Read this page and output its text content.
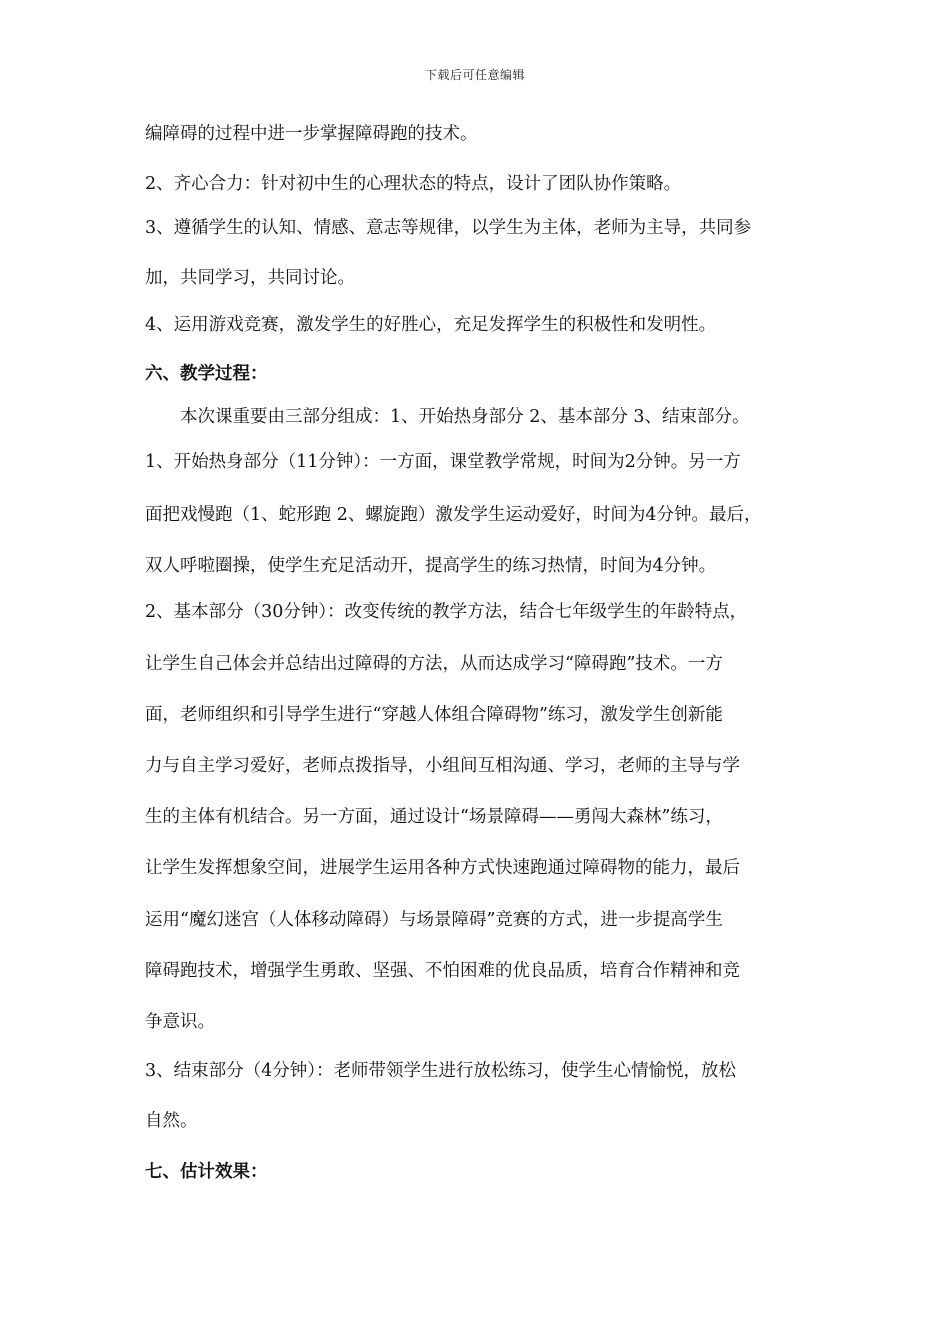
下载后可任意编辑
编障碍的过程中进一步掌握障碍跑的技术。
2、齐心合力：针对初中生的心理状态的特点，设计了团队协作策略。
3、遵循学生的认知、情感、意志等规律，以学生为主体，老师为主导，共同参
加，共同学习，共同讨论。
4、运用游戏竞赛，激发学生的好胜心，充足发挥学生的积极性和发明性。
六、教学过程：
本次课重要由三部分组成：1、开始热身部分 2、基本部分 3、结束部分。
1、开始热身部分（11分钟）：一方面，课堂教学常规，时间为2分钟。另一方
面把戏慢跑（1、蛇形跑 2、螺旋跑）激发学生运动爱好，时间为4分钟。最后，
双人呼啦圈操，使学生充足活动开，提高学生的练习热情，时间为4分钟。
2、基本部分（30分钟）：改变传统的教学方法，结合七年级学生的年龄特点，
让学生自己体会并总结出过障碍的方法，从而达成学习“障碍跑”技术。一方
面，老师组织和引导学生进行“穿越人体组合障碍物”练习，激发学生创新能
力与自主学习爱好，老师点拨指导，小组间互相沟通、学习，老师的主导与学
生的主体有机结合。另一方面，通过设计“场景障碍——勇闯大森林”练习，
让学生发挥想象空间，进展学生运用各种方式快速跑通过障碍物的能力，最后
运用“魔幻迷宫（人体移动障碍）与场景障碍”竞赛的方式，进一步提高学生
障碍跑技术，增强学生勇敢、坚强、不怕困难的优良品质，培育合作精神和竞
争意识。
3、结束部分（4分钟）：老师带领学生进行放松练习，使学生心情愉悦，放松
自然。
七、估计效果：
